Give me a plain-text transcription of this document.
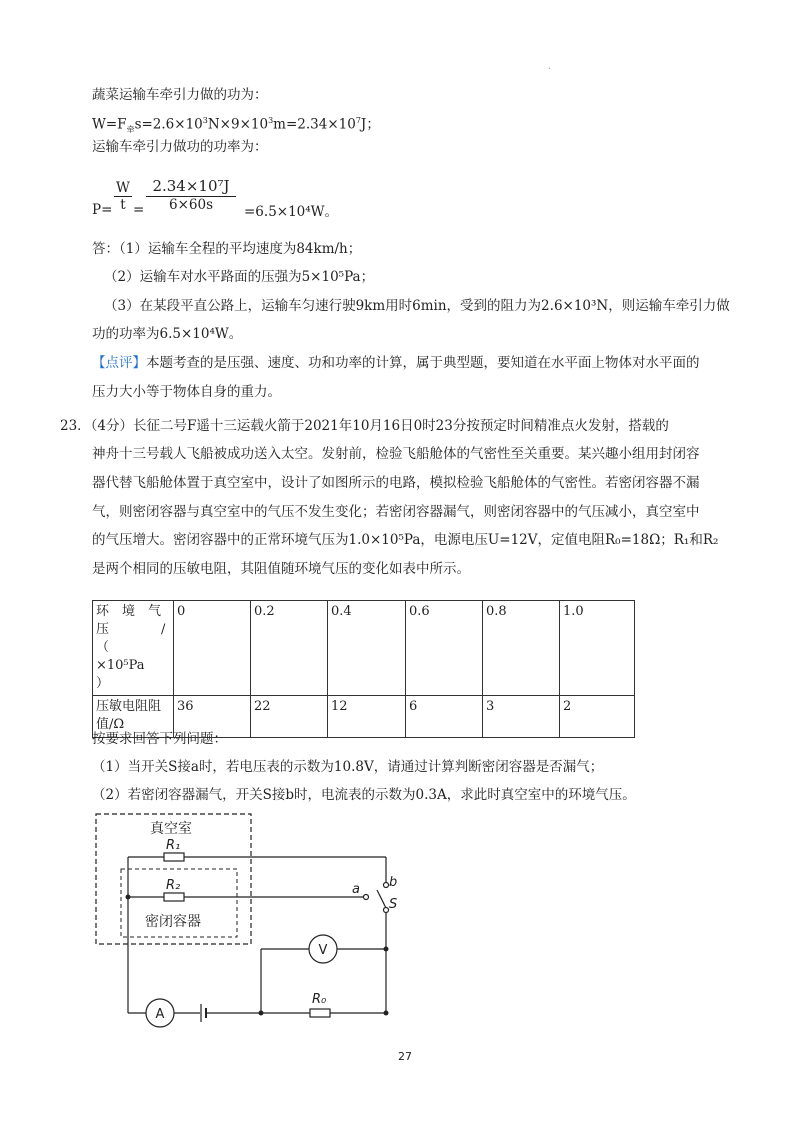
.
蔬菜运输车牵引力做的功为：
$W=F_牵s=2.6\times 10^3N\times 9\times 10^3m=2.34\times 10^7J$；
运输车牵引力做功的功率为：
$P= \frac{W}{t} = \frac{\text{2.34×10⁷J}}{6\times 60s} =6.5\times 10^4W$。
答：（1）运输车全程的平均速度为84km/h；
（2）运输车对水平路面的压强为5×10⁵Pa；
（3）在某段平直公路上，运输车匀速行驶9km用时6min，受到的阻力为2.6×10³N，则运输车牵引力做
功的功率为6.5×10⁴W。
【点评】本题考查的是压强、速度、功和功率的计算，属于典型题，要知道在水平面上物体对水平面的
压力大小等于物体自身的重力。
23．（4分）长征二号F遥十三运载火箭于2021年10月16日0时23分按预定时间精准点火发射，搭载的
神舟十三号载人飞船被成功送入太空。发射前，检验飞船舱体的气密性至关重要。某兴趣小组用封闭容
器代替飞船舱体置于真空室中，设计了如图所示的电路，模拟检验飞船舱体的气密性。若密闭容器不漏
气，则密闭容器与真空室中的气压不发生变化；若密闭容器漏气，则密闭容器中的气压减小，真空室中
的气压增大。密闭容器中的正常环境气压为1.0×10⁵Pa，电源电压U=12V，定值电阻R₀=18Ω；R₁和R₂
是两个相同的压敏电阻，其阻值随环境气压的变化如表中所示。
环　境　气
压　　　　/
（　×10⁵Pa
）	0	0.2	0.4	0.6	0.8	1.0

压敏电阻阻
值/Ω	36	22	12	6	3	2
按要求回答下列问题：
（1）当开关S接a时，若电压表的示数为10.8V，请通过计算判断密闭容器是否漏气；
（2）若密闭容器漏气，开关S接b时，电流表的示数为0.3A，求此时真空室中的环境气压。
真空室
密闭容器
R₁
R₂	a b
S
V
A
R₀
27
